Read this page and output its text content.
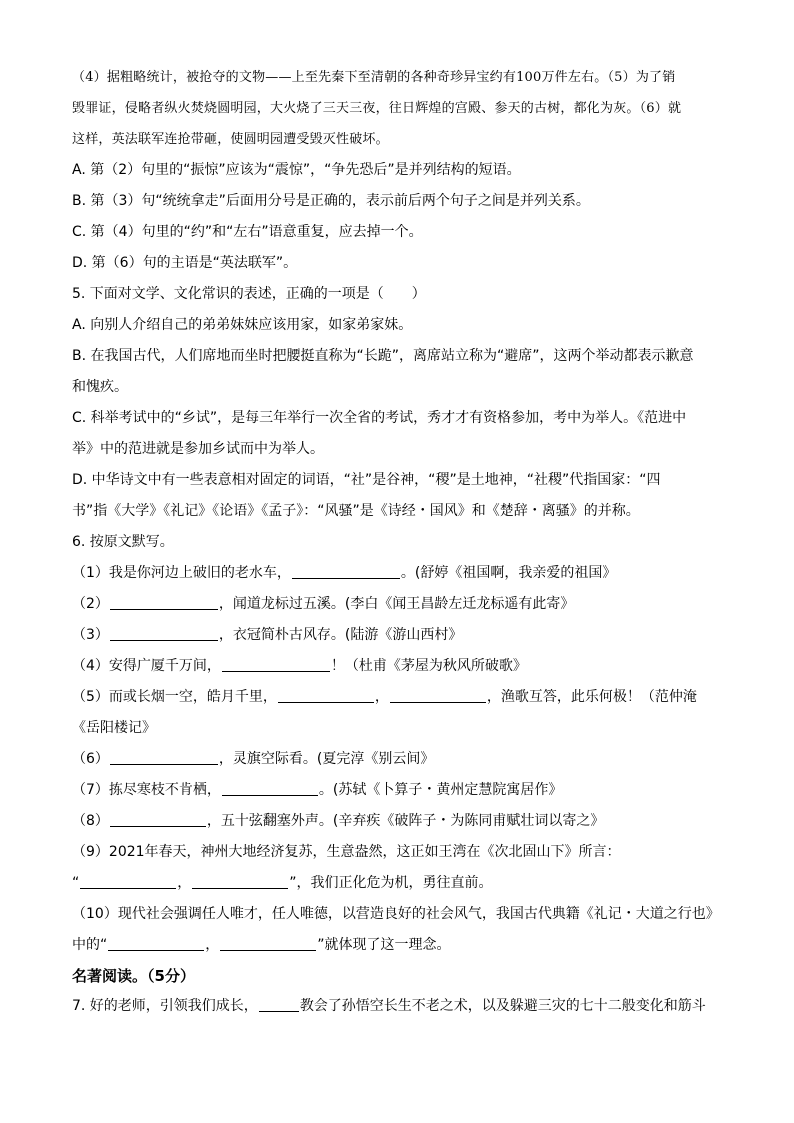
（4）据粗略统计，被抢夺的文物——上至先秦下至清朝的各种奇珍异宝约有100万件左右。（5）为了销
毁罪证，侵略者纵火焚烧圆明园，大火烧了三天三夜，往日辉煌的宫殿、参天的古树，都化为灰。（6）就
这样，英法联军连抢带砸，使圆明园遭受毁灭性破坏。
A. 第（2）句里的“振惊”应该为“震惊”，“争先恐后”是并列结构的短语。
B. 第（3）句“统统拿走”后面用分号是正确的，表示前后两个句子之间是并列关系。
C. 第（4）句里的“约”和“左右”语意重复，应去掉一个。
D. 第（6）句的主语是“英法联军”。
5. 下面对文学、文化常识的表述，正确的一项是（　　）
A. 向别人介绍自己的弟弟妹妹应该用家，如家弟家妹。
B. 在我国古代，人们席地而坐时把腰挺直称为“长跪”，离席站立称为“避席”，这两个举动都表示歉意
和愧疚。
C. 科举考试中的“乡试”，是每三年举行一次全省的考试，秀才才有资格参加，考中为举人。《范进中
举》中的范进就是参加乡试而中为举人。
D. 中华诗文中有一些表意相对固定的词语，“社”是谷神，“稷”是土地神，“社稷”代指国家：“四
书”指《大学》《礼记》《论语》《孟子》：“风骚”是《诗经・国风》和《楚辞・离骚》的并称。
6. 按原文默写。
（1）我是你河边上破旧的老水车，	。(舒婷《祖国啊，我亲爱的祖国》
（2）	，闻道龙标过五溪。(李白《闻王昌龄左迁龙标遥有此寄》
（3）	，衣冠简朴古风存。(陆游《游山西村》
（4）安得广厦千万间，	！（杜甫《茅屋为秋风所破歌》
（5）而或长烟一空，皓月千里，	，	，渔歌互答，此乐何极！（范仲淹
《岳阳楼记》
（6）	，灵旗空际看。(夏完淳《别云间》
（7）拣尽寒枝不肯栖，	。(苏轼《卜算子・黄州定慧院寓居作》
（8）	，五十弦翻塞外声。(辛弃疾《破阵子・为陈同甫赋壮词以寄之》
（9）2021年春天，神州大地经济复苏，生意盎然，这正如王湾在《次北固山下》所言：
“	，	”，我们正化危为机，勇往直前。
（10）现代社会强调任人唯才，任人唯德，以营造良好的社会风气，我国古代典籍《礼记・大道之行也》
中的“	，	”就体现了这一理念。
名著阅读。（5分）
7. 好的老师，引领我们成长，	教会了孙悟空长生不老之术，以及躲避三灾的七十二般变化和筋斗
